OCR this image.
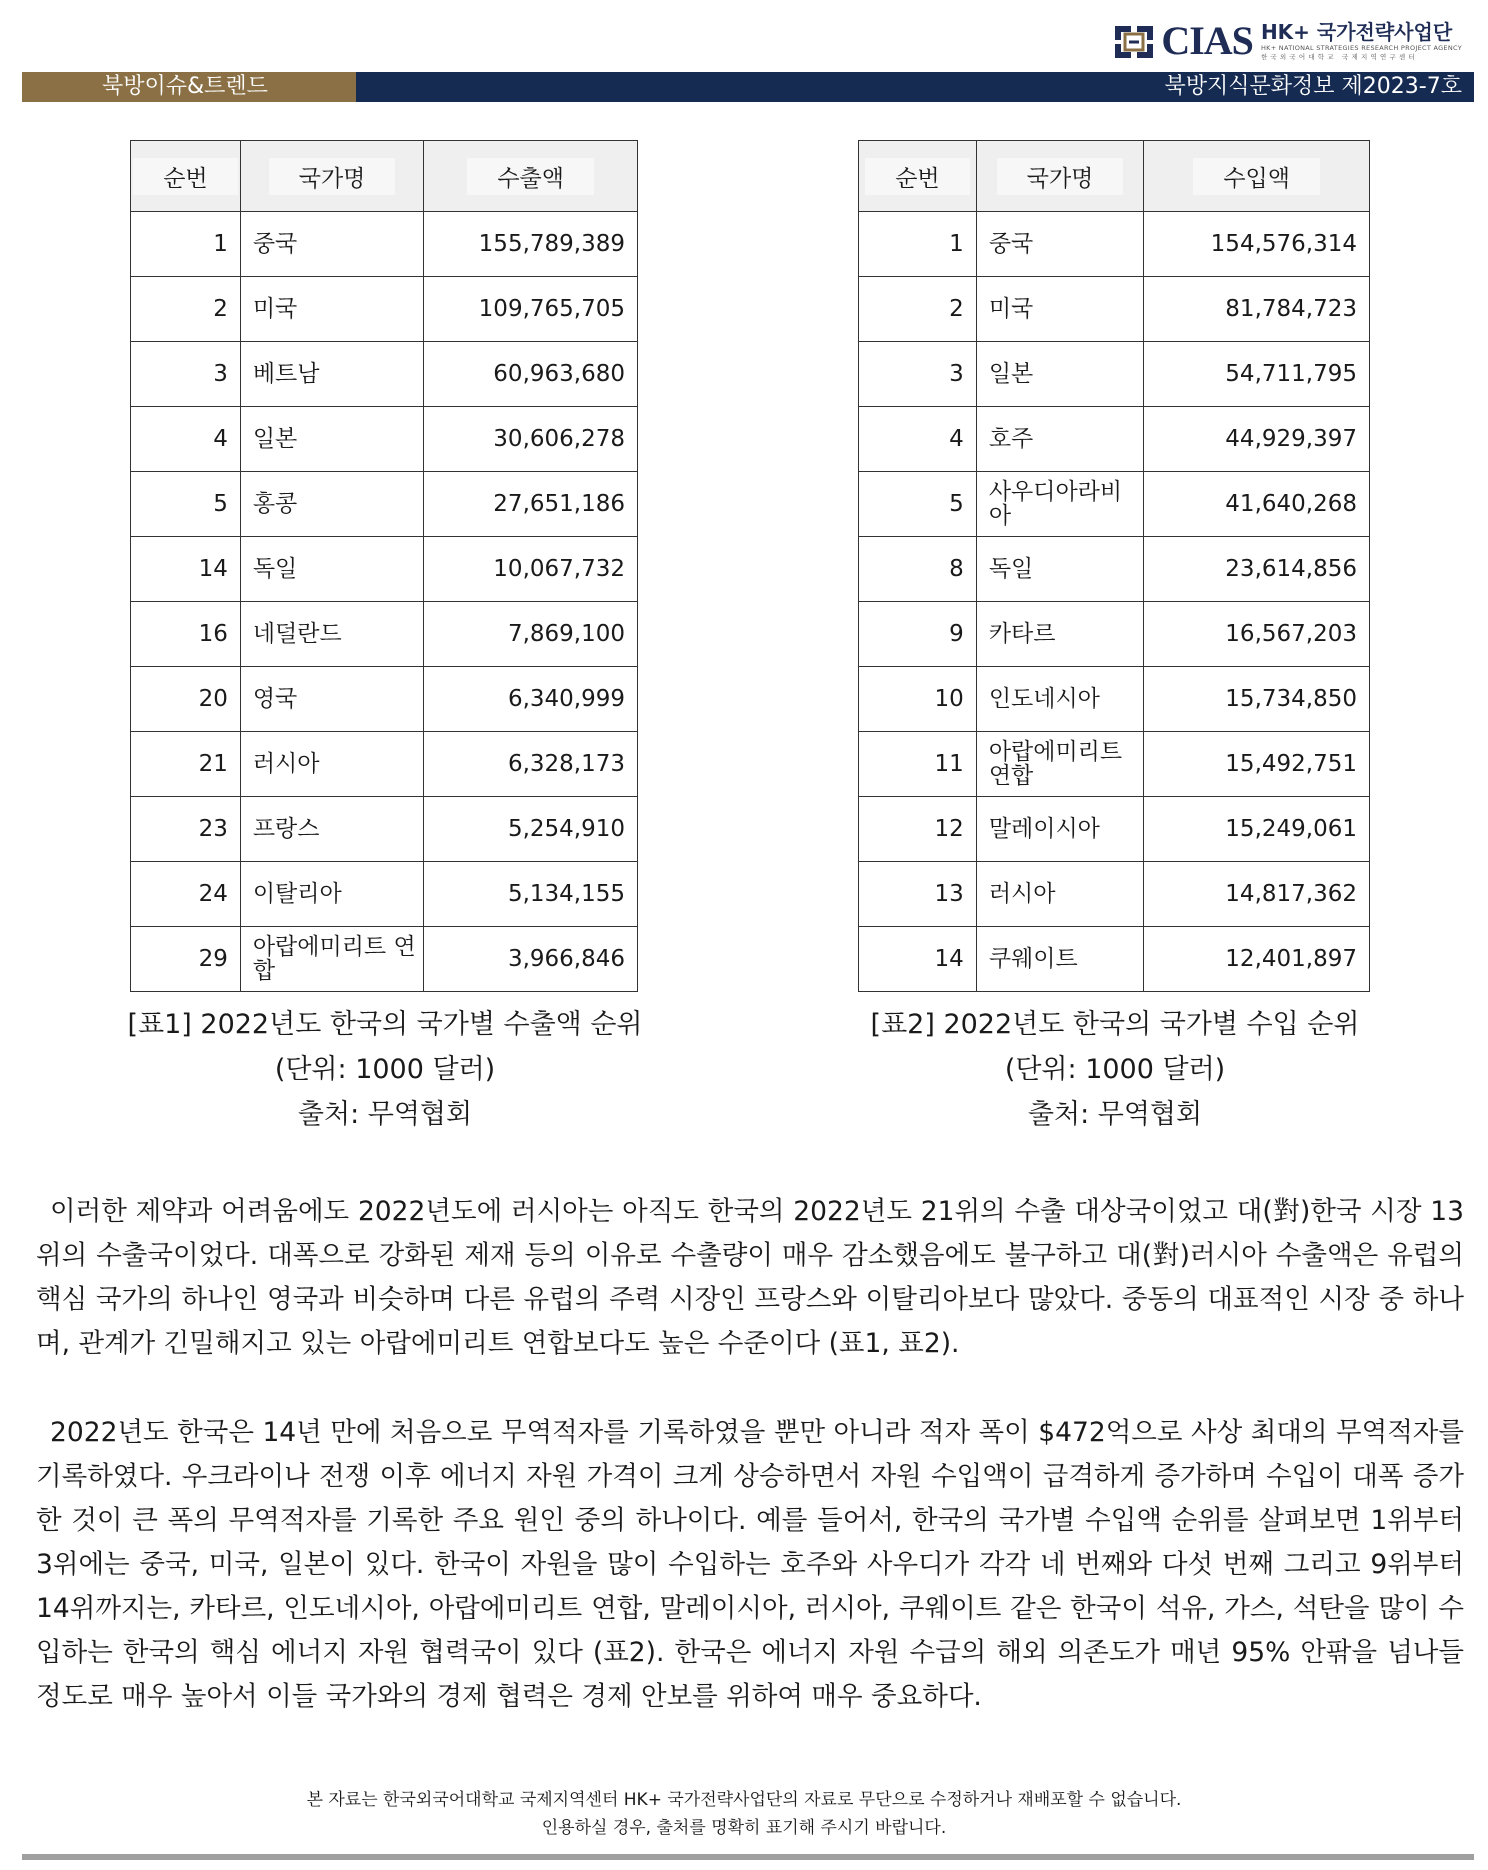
CIAS HK+ 국가전략사업단
HK+ NATIONAL STRATEGIES RESEARCH PROJECT AGENCY
한국외국어대학교 국제지역연구센터
북방이슈&트렌드	북방지식문화정보 제2023-7호
순번	국가명	수출액
1	중국	155,789,389
2	미국	109,765,705
3	베트남	60,963,680
4	일본	30,606,278
5	홍콩	27,651,186
14	독일	10,067,732
16	네덜란드	7,869,100
20	영국	6,340,999
21	러시아	6,328,173
23	프랑스	5,254,910
24	이탈리아	5,134,155
29	아랍에미리트 연합	3,966,846
순번	국가명	수입액
1	중국	154,576,314
2	미국	81,784,723
3	일본	54,711,795
4	호주	44,929,397
5	사우디아라비아	41,640,268
8	독일	23,614,856
9	카타르	16,567,203
10	인도네시아	15,734,850
11	아랍에미리트 연합	15,492,751
12	말레이시아	15,249,061
13	러시아	14,817,362
14	쿠웨이트	12,401,897
[표1] 2022년도 한국의 국가별 수출액 순위
(단위: 1000 달러)
출처: 무역협회
[표2] 2022년도 한국의 국가별 수입 순위
(단위: 1000 달러)
출처: 무역협회

이러한 제약과 어려움에도 2022년도에 러시아는 아직도 한국의 2022년도 21위의 수출 대상국이었고 대(對)한국 시장 13위의 수출국이었다. 대폭으로 강화된 제재 등의 이유로 수출량이 매우 감소했음에도 불구하고 대(對)러시아 수출액은 유럽의 핵심 국가의 하나인 영국과 비슷하며 다른 유럽의 주력 시장인 프랑스와 이탈리아보다 많았다. 중동의 대표적인 시장 중 하나며, 관계가 긴밀해지고 있는 아랍에미리트 연합보다도 높은 수준이다 (표1, 표2).

2022년도 한국은 14년 만에 처음으로 무역적자를 기록하였을 뿐만 아니라 적자 폭이 $472억으로 사상 최대의 무역적자를 기록하였다. 우크라이나 전쟁 이후 에너지 자원 가격이 크게 상승하면서 자원 수입액이 급격하게 증가하며 수입이 대폭 증가한 것이 큰 폭의 무역적자를 기록한 주요 원인 중의 하나이다. 예를 들어서, 한국의 국가별 수입액 순위를 살펴보면 1위부터 3위에는 중국, 미국, 일본이 있다. 한국이 자원을 많이 수입하는 호주와 사우디가 각각 네 번째와 다섯 번째 그리고 9위부터 14위까지는, 카타르, 인도네시아, 아랍에미리트 연합, 말레이시아, 러시아, 쿠웨이트 같은 한국이 석유, 가스, 석탄을 많이 수입하는 한국의 핵심 에너지 자원 협력국이 있다 (표2). 한국은 에너지 자원 수급의 해외 의존도가 매년 95% 안팎을 넘나들 정도로 매우 높아서 이들 국가와의 경제 협력은 경제 안보를 위하여 매우 중요하다.

본 자료는 한국외국어대학교 국제지역센터 HK+ 국가전략사업단의 자료로 무단으로 수정하거나 재배포할 수 없습니다.
인용하실 경우, 출처를 명확히 표기해 주시기 바랍니다.
